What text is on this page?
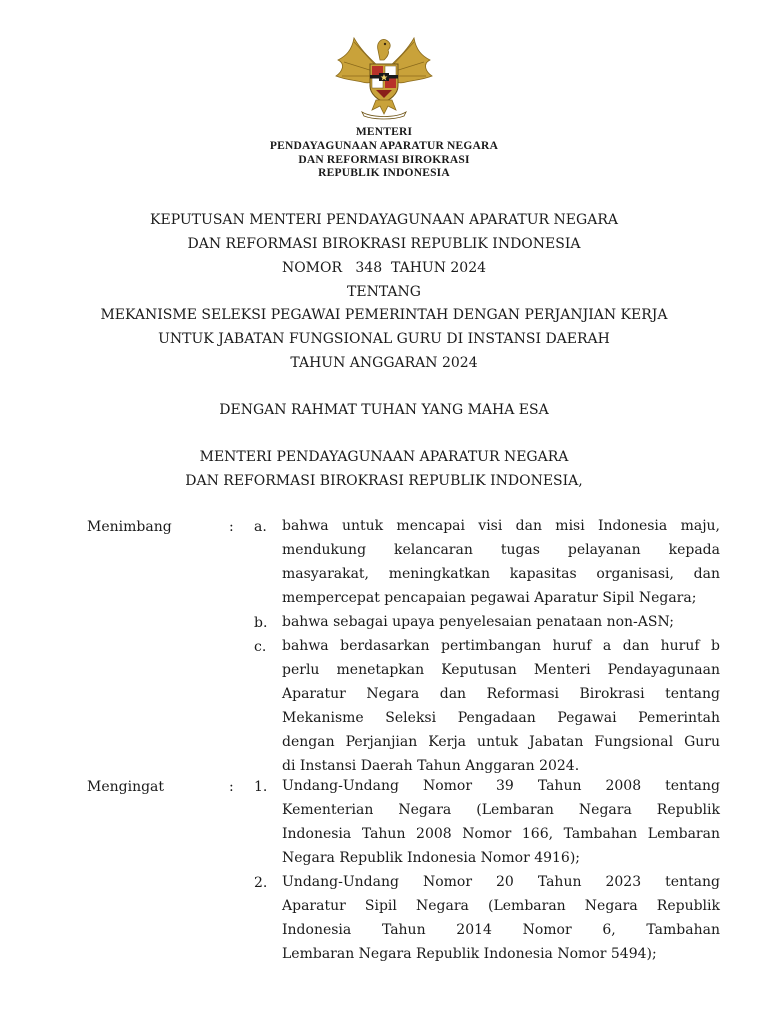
MENTERI
PENDAYAGUNAAN APARATUR NEGARA
DAN REFORMASI BIROKRASI
REPUBLIK INDONESIA
KEPUTUSAN MENTERI PENDAYAGUNAAN APARATUR NEGARA
DAN REFORMASI BIROKRASI REPUBLIK INDONESIA
NOMOR   348  TAHUN 2024
TENTANG
MEKANISME SELEKSI PEGAWAI PEMERINTAH DENGAN PERJANJIAN KERJA
UNTUK JABATAN FUNGSIONAL GURU DI INSTANSI DAERAH
TAHUN ANGGARAN 2024
DENGAN RAHMAT TUHAN YANG MAHA ESA
MENTERI PENDAYAGUNAAN APARATUR NEGARA
DAN REFORMASI BIROKRASI REPUBLIK INDONESIA,
Menimbang	: a.	bahwa untuk mencapai visi dan misi Indonesia maju,
mendukung kelancaran tugas pelayanan kepada
masyarakat, meningkatkan kapasitas organisasi, dan
mempercepat pencapaian pegawai Aparatur Sipil Negara;
b.	bahwa sebagai upaya penyelesaian penataan non-ASN;
c.	bahwa berdasarkan pertimbangan huruf a dan huruf b
perlu menetapkan Keputusan Menteri Pendayagunaan
Aparatur Negara dan Reformasi Birokrasi tentang
Mekanisme Seleksi Pengadaan Pegawai Pemerintah
dengan Perjanjian Kerja untuk Jabatan Fungsional Guru
di Instansi Daerah Tahun Anggaran 2024.
Mengingat	: 1.	Undang-Undang Nomor 39 Tahun 2008 tentang
Kementerian Negara (Lembaran Negara Republik
Indonesia Tahun 2008 Nomor 166, Tambahan Lembaran
Negara Republik Indonesia Nomor 4916);
2.	Undang-Undang Nomor 20 Tahun 2023 tentang
Aparatur Sipil Negara (Lembaran Negara Republik
Indonesia Tahun 2014 Nomor 6, Tambahan
Lembaran Negara Republik Indonesia Nomor 5494);
